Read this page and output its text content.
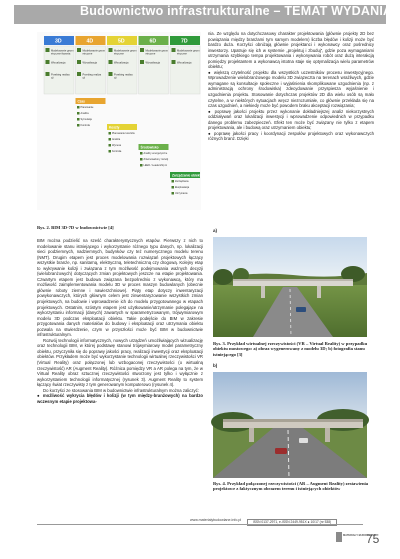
Budownictwo infrastrukturalne – TEMAT WYDANIA
3D	4D	5D	6D	7D
Modelowanie geom
etryczne tkwania
Wizualizacja
Przebieg realiza
cji
Modelowanie geom
etryczne
Wizualizacja
Przebieg realiza
cji
Modelowanie geom
etryczne
Wizualizacja
Przebieg realiza
cji
Modelowanie geom
etryczne
Wizualizacja
Modelowanie geom
etryczne
Wizualizacja
Czas
Planowanie
Analiza
Symulacje
Kontrola	Koszty
Planowanie kosztów
Analiza
Wycena
Kontrola
Środowisko
Analizy energetyczne
Zrównoważony rozwój
LEED / Leadership in
Zarządzanie obiektem
Zarządzanie
Eksploatacja
Utrzymanie
Rys. 2. BIM 3D-7D w budownictwie [4]

BIM można podzielić na sześć charakterystycznych etapów. Pierwszy z nich to modelowanie stanu istniejącego i wykorzystanie różnego typu danych, np. lokalizacji sieci podziemnych, nadziemnych, budynków czy też numerycznego modelu terenu (NMT). Drugim etapem jest proces modelowania rozwiązań projektowych łączący wszystkie branże, np. sanitarną, elektryczną, teletechniczną czy drogową. Kolejny etap to wykrywanie kolizji i związana z tym możliwość podejmowania ważnych decyzji (wielobranżowych) dotyczących zmian projektowych jeszcze na etapie projektowania. Czwartym etapem jest budowa związana bezpośrednio z wykonawcą, który ma możliwość zaimplementowania modelu 3D w proces maszyn budowlanych (obecnie głównie roboty ziemne i nawierzchniowe). Piąty etap dotyczy inwentaryzacji powykonawczych, których głównym celem jest zinwentaryzowanie wszystkich zmian projektowych, na budowie i wprowadzenie ich do modelu przygotowanego w etapach projektowych. Ostatnim, szóstym etapem jest użytkowanie/utrzymanie polegające na wykorzystaniu informacji (danych) zawartych w sparametryzowanym, trójwymiarowym modelu 3D podczas eksploatacji obiektu. Takie podejście do BIM w zakresie przygotowania danych materiałów do budowy i eksploatacji oraz utrzymania obiektu pozwala na stwierdzenie, czym w przyszłości może być BIM w budownictwie infrastrukturalnym.

Rozwój technologii informatycznych, nowych urządzeń umożliwiających wizualizację oraz technologii BIM, w której podstawę stanowi trójwymiarowy model parametryczny obiektu, przyczyniła się do poprawy jakości pracy, realizacji inwestycji oraz eksploatacji obiektów. Przykładem może być wykorzystanie technologii wirtualnej rzeczywistości VR (Virtual Reality) oraz połączonej lub wzbogaconej rzeczywistości (o wirtualną rzeczywistość) AR (Augment Reality). Różnica pomiędzy VR a AR polega na tym, że w Virtual Reality obraz sztucznej rzeczywistości stworzony jest tylko i wyłącznie z wykorzystaniem technologii informatycznej (rysunek 3). Augment Reality to system łączący świat rzeczywisty z tym generowanym komputerowo (rysunek 4).

Do korzyści ze stosowania BIM w budownictwie infrastrukturalnym można zaliczyć:

● możliwość wykrycia błędów i kolizji (w tym między-branżowych) na bardzo wczesnym etapie projektowa-

nia. Ze względu na dotychczasowy charakter projektowania (głównie projekty 2D bez powiązania między branżami tym samym modelem) liczba błędów i kolizji może być bardzo duża. Korzyści obniżają głównie projektanci i wykonawcy oraz pośrednicy inwestorzy. Upatruje się ich w systemie „projektuj i zbuduj”, gdzie poza wymaganiami utrzymania szybkiego tempa projektowania i wykonywania robót oraz dużą interakcją pomiędzy projektantem a wykonawcą istotna staje się optymalizacja wielu parametrów obiektu;

● większą czytelność projektu dla wszystkich uczestników procesu inwestycyjnego. Wprowadzenie wielobranżowego modelu 3D związeczta na terenach wrażliwych, gdzie wymagane są konsultacje społeczne i wyjaśnienia skomplikowane uzgodnienia (np. z administracją ochrony środowiska) zdecydowanie przyspiesza wyjaśnienie i uzgodnienia projektu. Stosowanie dotychczas projektów 2D dla wielu osób są mało czytelne, a w niektórych sytuacjach wręcz niezrozumiałe, co głównie przekłada się na czas uzgodnień, a niekiedy może być powodem braku akceptacji rozwiązania;

● poprawę jakości projektu przez wykonanie dokładniejszej analiz niekorzystnych oddziaływań oraz lokalizacji inwestycji i wprowadzenie odpowiednich w przypadku danego problemu zabezpieczeń. Efekt ten może być związany nie tylko z etapem projektowania, ale i budową oraz utrzymaniem obiektu;

● poprawę jakości pracy i koordynacji zespołów projektowych oraz wykonawczych różnych branż. Dzięki

a)
Rys. 3. Przykład wirtualnej rzeczywistości (VR – Virtual Reality) w przypadku obiektu mostowego: a) obraz wygenerowany z modelu 3D; b) fotografia stanu istniejącego [3]
b)
Rys. 4. Przykład połączonej rzeczywistości (AR – Augment Reality) zestawienia projektowe z faktycznym obrazem terenu i istniejących obiektów
www.materialybudowlane.info.pl	ISSN 0137-2971, e-ISSN 2449-951X ● 10/17 (nr 538)
MATERIAŁY BUDOWLANE
75
